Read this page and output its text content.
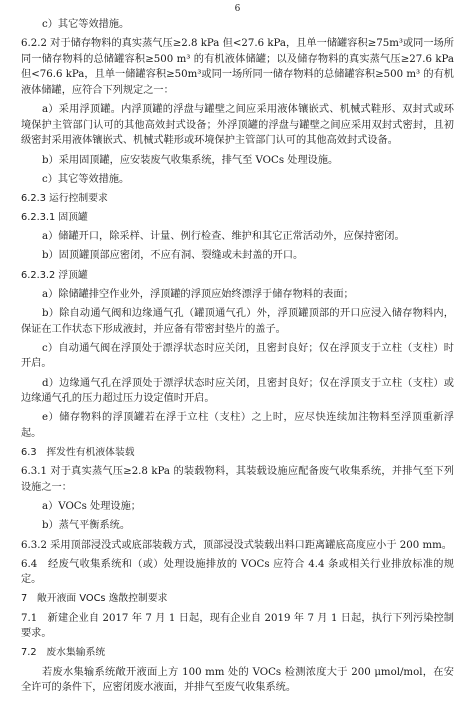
6

c）其它等效措施。

6.2.2 对于储存物料的真实蒸气压≥2.8 kPa 但<27.6 kPa，且单一储罐容积≥75m³或同一场所同一储存物料的总储罐容积≥500 m³ 的有机液体储罐；以及储存物料的真实蒸气压≥27.6 kPa 但<76.6 kPa，且单一储罐容积≥50m³或同一场所同一储存物料的总储罐容积≥500 m³ 的有机液体储罐，应符合下列规定之一：

a）采用浮顶罐。内浮顶罐的浮盘与罐壁之间应采用液体镶嵌式、机械式鞋形、双封式或环境保护主管部门认可的其他高效封式设备；外浮顶罐的浮盘与罐壁之间应采用双封式密封，且初级密封采用液体镶嵌式、机械式鞋形或环境保护主管部门认可的其他高效封式设备。

b）采用固顶罐，应安装废气收集系统，排气至 VOCs 处理设施。

c）其它等效措施。

6.2.3 运行控制要求

6.2.3.1 固顶罐

a）储罐开口，除采样、计量、例行检查、维护和其它正常活动外，应保持密闭。

b）固顶罐顶部应密闭，不应有洞、裂缝或未封盖的开口。

6.2.3.2 浮顶罐

a）除储罐排空作业外，浮顶罐的浮顶应始终漂浮于储存物料的表面；

b）除自动通气阀和边缘通气孔（罐顶通气孔）外，浮顶罐顶部的开口应浸入储存物料内，保证在工作状态下形成液封，并应备有带密封垫片的盖子。

c）自动通气阀在浮顶处于漂浮状态时应关闭，且密封良好；仅在浮顶支于立柱（支柱）时开启。

d）边缘通气孔在浮顶处于漂浮状态时应关闭，且密封良好；仅在浮顶支于立柱（支柱）或边缘通气孔的压力超过压力设定值时开启。

e）储存物料的浮顶罐若在浮于立柱（支柱）之上时，应尽快连续加注物料至浮顶重新浮起。

6.3　挥发性有机液体装载

6.3.1 对于真实蒸气压≥2.8 kPa 的装载物料，其装载设施应配备废气收集系统，并排气至下列设施之一：

a）VOCs 处理设施；

b）蒸气平衡系统。

6.3.2 采用顶部浸没式或底部装载方式，顶部浸没式装载出料口距离罐底高度应小于 200 mm。

6.4　经废气收集系统和（或）处理设施排放的 VOCs 应符合 4.4 条或相关行业排放标准的规定。

7　敞开液面 VOCs 逸散控制要求

7.1　新建企业自 2017 年 7 月 1 日起，现有企业自 2019 年 7 月 1 日起，执行下列污染控制要求。

7.2　废水集输系统

若废水集输系统敞开液面上方 100 mm 处的 VOCs 检测浓度大于 200 μmol/mol，在安全许可的条件下，应密闭废水液面，并排气至废气收集系统。
